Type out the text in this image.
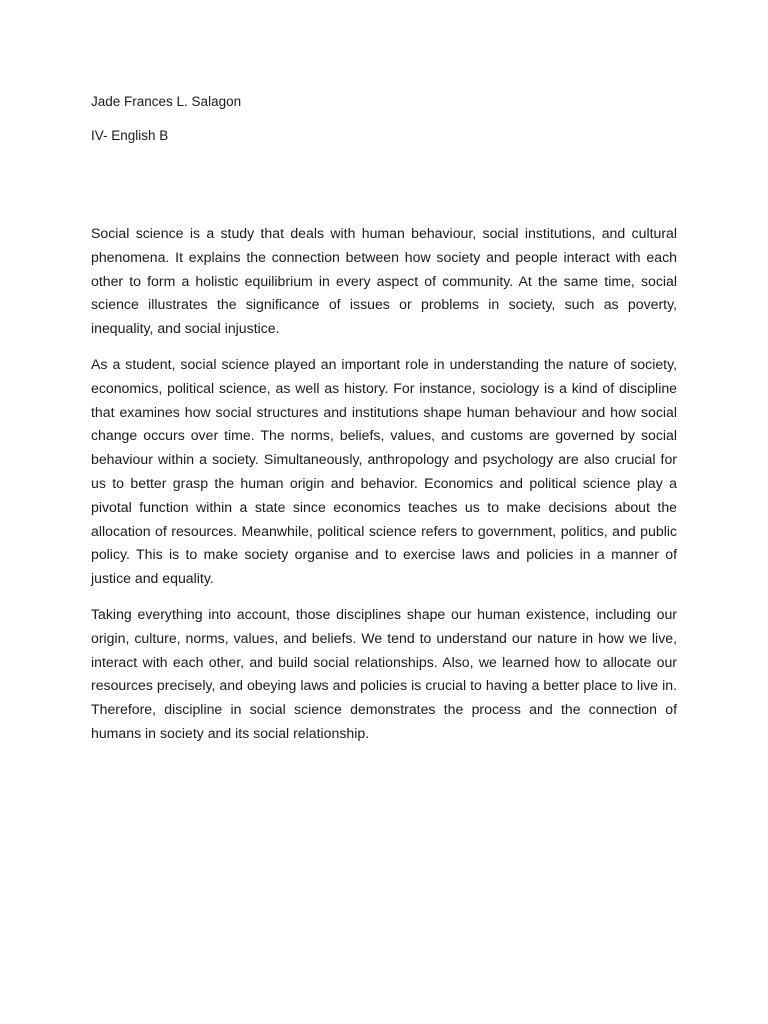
Jade Frances L. Salagon
IV- English B

Social science is a study that deals with human behaviour, social institutions, and cultural phenomena. It explains the connection between how society and people interact with each other to form a holistic equilibrium in every aspect of community. At the same time, social science illustrates the significance of issues or problems in society, such as poverty, inequality, and social injustice.

As a student, social science played an important role in understanding the nature of society, economics, political science, as well as history. For instance, sociology is a kind of discipline that examines how social structures and institutions shape human behaviour and how social change occurs over time. The norms, beliefs, values, and customs are governed by social behaviour within a society. Simultaneously, anthropology and psychology are also crucial for us to better grasp the human origin and behavior. Economics and political science play a pivotal function within a state since economics teaches us to make decisions about the allocation of resources. Meanwhile, political science refers to government, politics, and public policy. This is to make society organise and to exercise laws and policies in a manner of justice and equality.

Taking everything into account, those disciplines shape our human existence, including our origin, culture, norms, values, and beliefs. We tend to understand our nature in how we live, interact with each other, and build social relationships. Also, we learned how to allocate our resources precisely, and obeying laws and policies is crucial to having a better place to live in. Therefore, discipline in social science demonstrates the process and the connection of humans in society and its social relationship.
